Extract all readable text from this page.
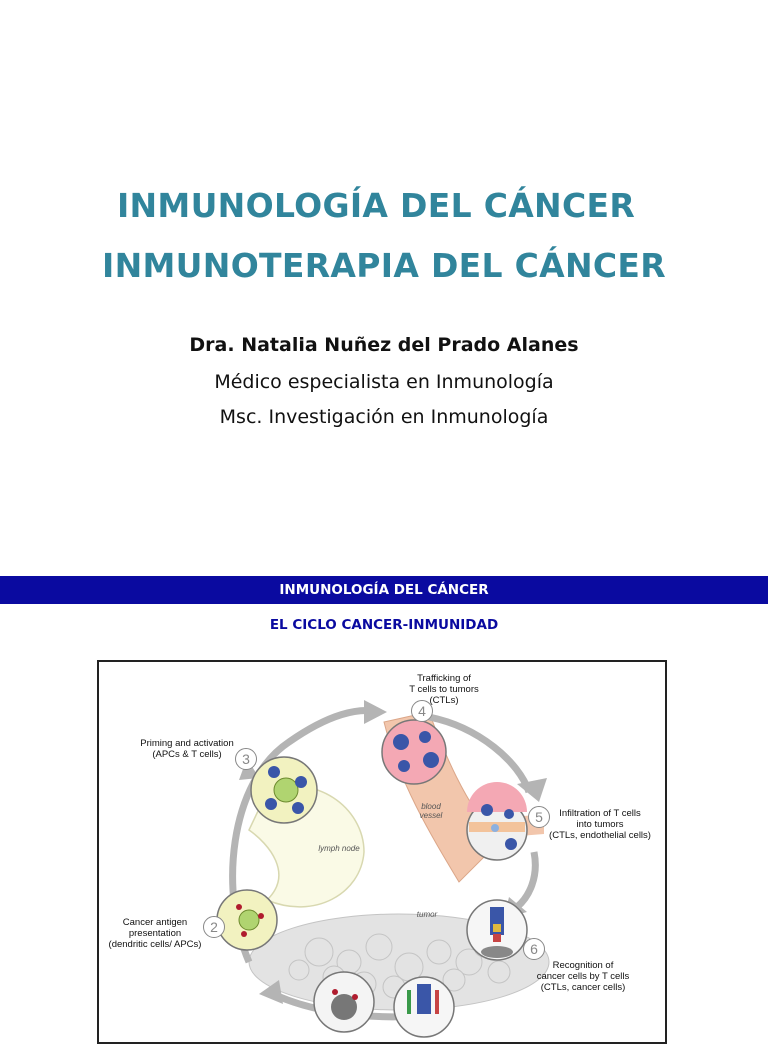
INMUNOLOGÍA DEL CÁNCER
INMUNOTERAPIA DEL CÁNCER
Dra. Natalia Nuñez del Prado Alanes
Médico especialista en Inmunología
Msc. Investigación en Inmunología
INMUNOLOGÍA DEL CÁNCER
EL CICLO CANCER-INMUNIDAD
3
4
5
6
2
Priming and activation
(APCs & T cells)
Trafficking of
T cells to tumors
(CTLs)
Infiltration of T cells
into tumors
(CTLs, endothelial cells)
Recognition of
cancer cells by T cells
(CTLs, cancer cells)
Cancer antigen
presentation
(dendritic cells/ APCs)
lymph node
blood
vessel
tumor
